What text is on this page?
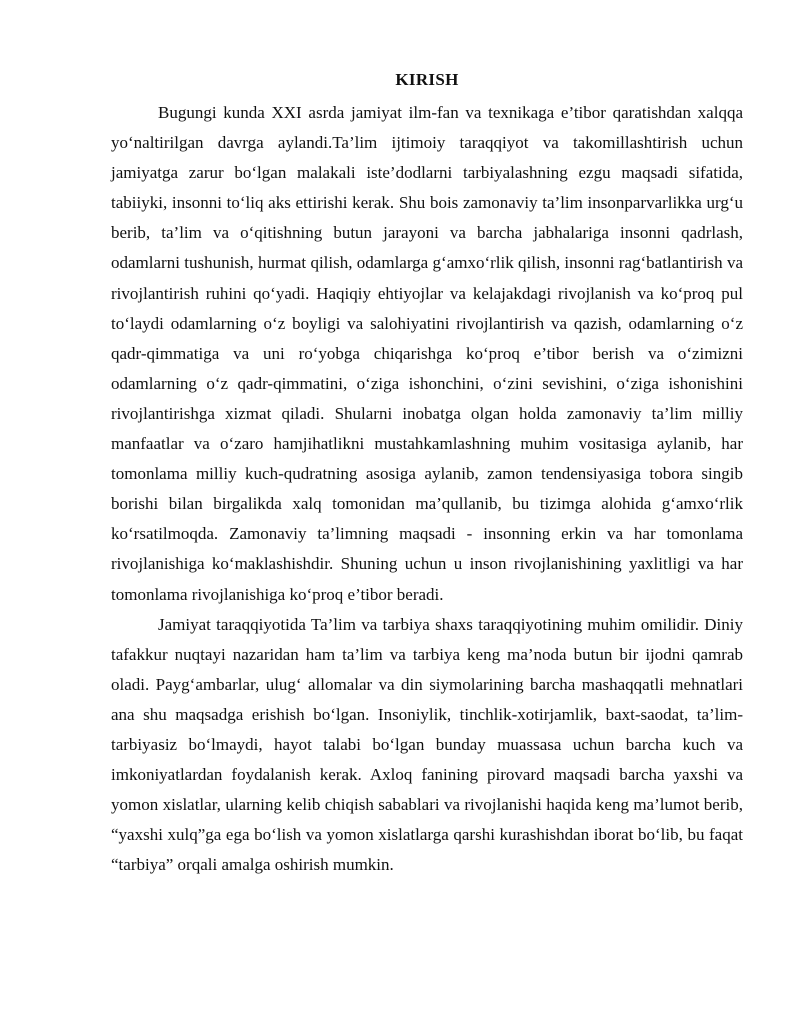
KIRISH

Bugungi kunda XXI asrda jamiyat ilm-fan va texnikaga e’tibor qaratishdan xalqqa yo‘naltirilgan davrga aylandi.Ta’lim ijtimoiy taraqqiyot va takomillashtirish uchun jamiyatga zarur bo‘lgan malakali iste’dodlarni tarbiyalashning ezgu maqsadi sifatida, tabiiyki, insonni to‘liq aks ettirishi kerak. Shu bois zamonaviy ta’lim insonparvarlikka urg‘u berib, ta’lim va o‘qitishning butun jarayoni va barcha jabhalariga insonni qadrlash, odamlarni tushunish, hurmat qilish, odamlarga g‘amxo‘rlik qilish, insonni rag‘batlantirish va rivojlantirish ruhini qo‘yadi. Haqiqiy ehtiyojlar va kelajakdagi rivojlanish va ko‘proq pul to‘laydi odamlarning o‘z boyligi va salohiyatini rivojlantirish va qazish, odamlarning o‘z qadr-qimmatiga va uni ro‘yobga chiqarishga ko‘proq e’tibor berish va o‘zimizni odamlarning o‘z qadr-qimmatini, o‘ziga ishonchini, o‘zini sevishini, o‘ziga ishonishini rivojlantirishga xizmat qiladi. Shularni inobatga olgan holda zamonaviy ta’lim milliy manfaatlar va o‘zaro hamjihatlikni mustahkamlashning muhim vositasiga aylanib, har tomonlama milliy kuch-qudratning asosiga aylanib, zamon tendensiyasiga tobora singib borishi bilan birgalikda xalq tomonidan ma’qullanib, bu tizimga alohida g‘amxo‘rlik ko‘rsatilmoqda. Zamonaviy ta’limning maqsadi - insonning erkin va har tomonlama rivojlanishiga ko‘maklashishdir. Shuning uchun u inson rivojlanishining yaxlitligi va har tomonlama rivojlanishiga ko‘proq e’tibor beradi.

Jamiyat taraqqiyotida Ta’lim va tarbiya shaxs taraqqiyotining muhim omilidir. Diniy tafakkur nuqtayi nazaridan ham ta’lim va tarbiya keng ma’noda butun bir ijodni qamrab oladi. Payg‘ambarlar, ulug‘ allomalar va din siymolarining barcha mashaqqatli mehnatlari ana shu maqsadga erishish bo‘lgan. Insoniylik, tinchlik-xotirjamlik, baxt-saodat, ta’lim-tarbiyasiz bo‘lmaydi, hayot talabi bo‘lgan bunday muassasa uchun barcha kuch va imkoniyatlardan foydalanish kerak. Axloq fanining pirovard maqsadi barcha yaxshi va yomon xislatlar, ularning kelib chiqish sabablari va rivojlanishi haqida keng ma’lumot berib, “yaxshi xulq”ga ega bo‘lish va yomon xislatlarga qarshi kurashishdan iborat bo‘lib, bu faqat “tarbiya” orqali amalga oshirish mumkin.
